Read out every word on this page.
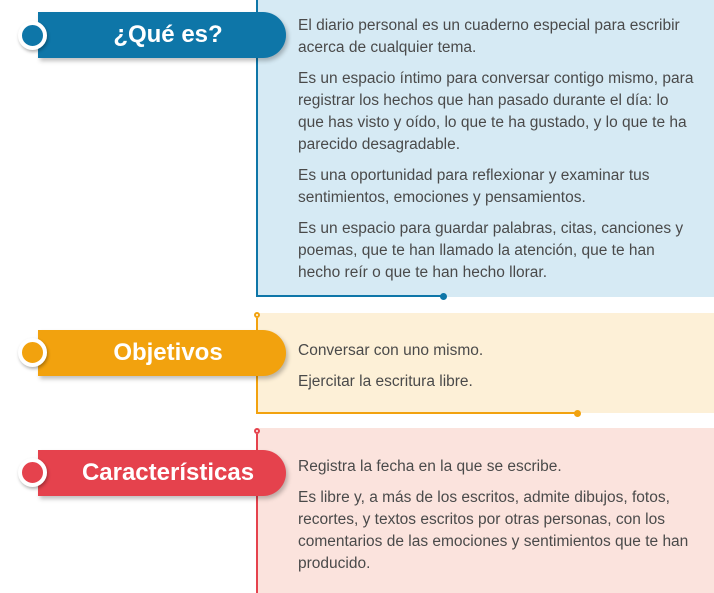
El diario personal es un cuaderno especial para escribir acerca de cualquier tema.

Es un espacio íntimo para conversar contigo mismo, para registrar los hechos que han pasado durante el día: lo que has visto y oído, lo que te ha gustado, y lo que te ha parecido desagradable.

Es una oportunidad para reflexionar y examinar tus sentimientos, emociones y pensamientos.

Es un espacio para guardar palabras, citas, canciones y poemas, que te han llamado la atención, que te han hecho reír o que te han hecho llorar.

¿Qué es?

Conversar con uno mismo.

Ejercitar la escritura libre.

Objetivos

Registra la fecha en la que se escribe.

Es libre y, a más de los escritos, admite dibujos, fotos, recortes, y textos escritos por otras personas, con los comentarios de las emociones y sentimientos que te han producido.

Características
